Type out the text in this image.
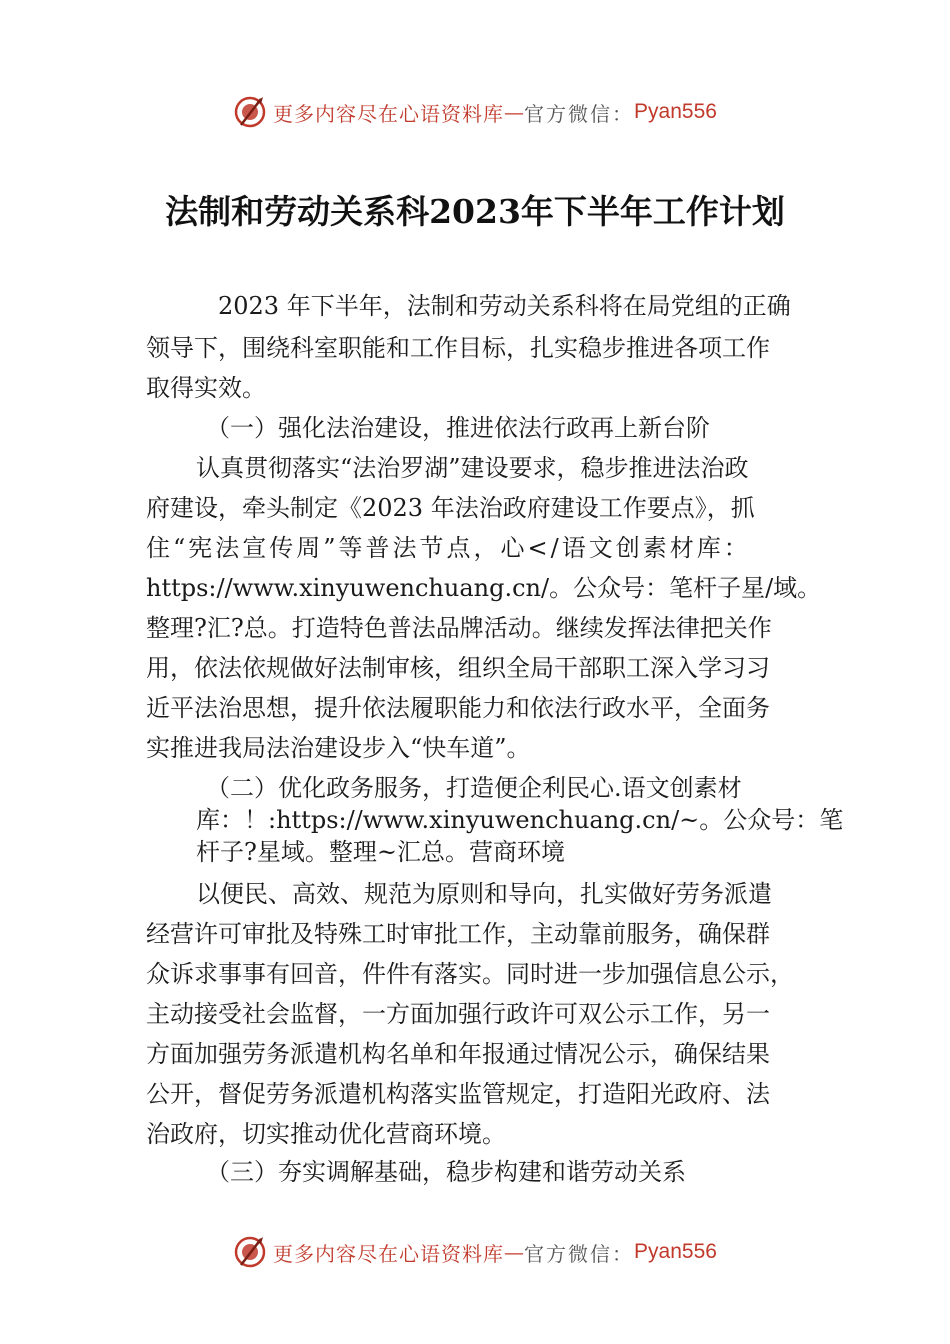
更多内容尽在心语资料库 — 官方微信： Pyan556
法制和劳动关系科2023年下半年工作计划

2023 年下半年，法制和劳动关系科将在局党组的正确

领导下，围绕科室职能和工作目标，扎实稳步推进各项工作

取得实效。

（一）强化法治建设，推进依法行政再上新台阶

认真贯彻落实“法治罗湖”建设要求，稳步推进法治政

府建设，牵头制定《2023 年法治政府建设工作要点》，抓

住“宪法宣传周”等普法节点，心</语文创素材库：

https://www.xinyuwenchuang.cn/。公众号：笔杆子星/域。

整理?汇?总。打造特色普法品牌活动。继续发挥法律把关作

用，依法依规做好法制审核，组织全局干部职工深入学习习

近平法治思想，提升依法履职能力和依法行政水平，全面务

实推进我局法治建设步入“快车道”。

（二）优化政务服务，打造便企利民心.语文创素材

库：！:https://www.xinyuwenchuang.cn/~。公众号：笔

杆子?星域。整理~汇总。营商环境

以便民、高效、规范为原则和导向，扎实做好劳务派遣

经营许可审批及特殊工时审批工作，主动靠前服务，确保群

众诉求事事有回音，件件有落实。同时进一步加强信息公示，

主动接受社会监督，一方面加强行政许可双公示工作，另一

方面加强劳务派遣机构名单和年报通过情况公示，确保结果

公开，督促劳务派遣机构落实监管规定，打造阳光政府、法

治政府，切实推动优化营商环境。

（三）夯实调解基础，稳步构建和谐劳动关系

更多内容尽在心语资料库 — 官方微信： Pyan556
